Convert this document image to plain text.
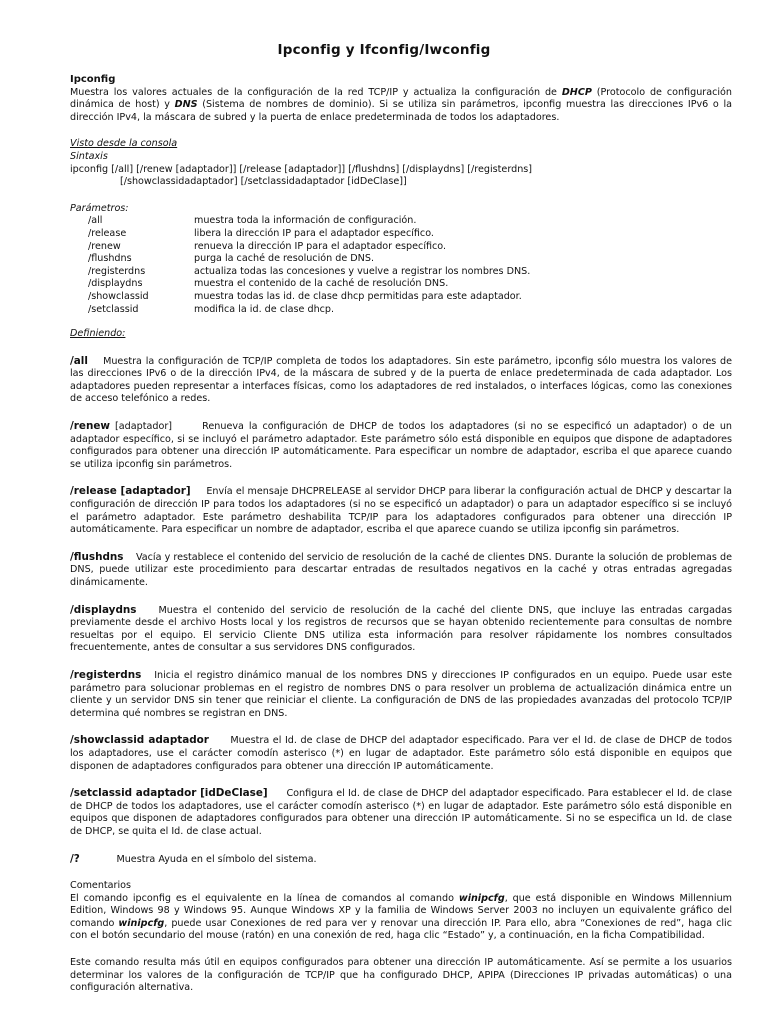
Ipconfig y Ifconfig/Iwconfig

Ipconfig

Muestra los valores actuales de la configuración de la red TCP/IP y actualiza la configuración de DHCP (Protocolo de configuración dinámica de host) y DNS (Sistema de nombres de dominio). Si se utiliza sin parámetros, ipconfig muestra las direcciones IPv6 o la dirección IPv4, la máscara de subred y la puerta de enlace predeterminada de todos los adaptadores.

Visto desde la consola

Sintaxis

ipconfig [/all] [/renew [adaptador]] [/release [adaptador]] [/flushdns] [/displaydns] [/registerdns]

[/showclassidadaptador] [/setclassidadaptador [idDeClase]]

Parámetros:

/all	muestra toda la información de configuración.
/release	libera la dirección IP para el adaptador específico.
/renew	renueva la dirección IP para el adaptador específico.
/flushdns	purga la caché de resolución de DNS.
/registerdns	actualiza todas las concesiones y vuelve a registrar los nombres DNS.
/displaydns	muestra el contenido de la caché de resolución DNS.
/showclassid	muestra todas las id. de clase dhcp permitidas para este adaptador.
/setclassid	modifica la id. de clase dhcp.

Definiendo:

/all Muestra la configuración de TCP/IP completa de todos los adaptadores. Sin este parámetro, ipconfig sólo muestra los valores de las direcciones IPv6 o de la dirección IPv4, de la máscara de subred y de la puerta de enlace predeterminada de cada adaptador. Los adaptadores pueden representar a interfaces físicas, como los adaptadores de red instalados, o interfaces lógicas, como las conexiones de acceso telefónico a redes.

/renew [adaptador]	Renueva la configuración de DHCP de todos los adaptadores (si no se especificó un adaptador) o de un adaptador específico, si se incluyó el parámetro adaptador. Este parámetro sólo está disponible en equipos que dispone de adaptadores configurados para obtener una dirección IP automáticamente. Para especificar un nombre de adaptador, escriba el que aparece cuando se utiliza ipconfig sin parámetros.

/release [adaptador] Envía el mensaje DHCPRELEASE al servidor DHCP para liberar la configuración actual de DHCP y descartar la configuración de dirección IP para todos los adaptadores (si no se especificó un adaptador) o para un adaptador específico si se incluyó el parámetro adaptador. Este parámetro deshabilita TCP/IP para los adaptadores configurados para obtener una dirección IP automáticamente. Para especificar un nombre de adaptador, escriba el que aparece cuando se utiliza ipconfig sin parámetros.

/flushdns Vacía y restablece el contenido del servicio de resolución de la caché de clientes DNS. Durante la solución de problemas de DNS, puede utilizar este procedimiento para descartar entradas de resultados negativos en la caché y otras entradas agregadas dinámicamente.

/displaydns Muestra el contenido del servicio de resolución de la caché del cliente DNS, que incluye las entradas cargadas previamente desde el archivo Hosts local y los registros de recursos que se hayan obtenido recientemente para consultas de nombre resueltas por el equipo. El servicio Cliente DNS utiliza esta información para resolver rápidamente los nombres consultados frecuentemente, antes de consultar a sus servidores DNS configurados.

/registerdns Inicia el registro dinámico manual de los nombres DNS y direcciones IP configurados en un equipo. Puede usar este parámetro para solucionar problemas en el registro de nombres DNS o para resolver un problema de actualización dinámica entre un cliente y un servidor DNS sin tener que reiniciar el cliente. La configuración de DNS de las propiedades avanzadas del protocolo TCP/IP determina qué nombres se registran en DNS.

/showclassid adaptador Muestra el Id. de clase de DHCP del adaptador especificado. Para ver el Id. de clase de DHCP de todos los adaptadores, use el carácter comodín asterisco (*) en lugar de adaptador. Este parámetro sólo está disponible en equipos que disponen de adaptadores configurados para obtener una dirección IP automáticamente.

/setclassid adaptador [idDeClase] Configura el Id. de clase de DHCP del adaptador especificado. Para establecer el Id. de clase de DHCP de todos los adaptadores, use el carácter comodín asterisco (*) en lugar de adaptador. Este parámetro sólo está disponible en equipos que disponen de adaptadores configurados para obtener una dirección IP automáticamente. Si no se especifica un Id. de clase de DHCP, se quita el Id. de clase actual.

/?	Muestra Ayuda en el símbolo del sistema.

Comentarios

El comando ipconfig es el equivalente en la línea de comandos al comando winipcfg, que está disponible en Windows Millennium Edition, Windows 98 y Windows 95. Aunque Windows XP y la familia de Windows Server 2003 no incluyen un equivalente gráfico del comando winipcfg, puede usar Conexiones de red para ver y renovar una dirección IP. Para ello, abra “Conexiones de red”, haga clic con el botón secundario del mouse (ratón) en una conexión de red, haga clic “Estado” y, a continuación, en la ficha Compatibilidad.

Este comando resulta más útil en equipos configurados para obtener una dirección IP automáticamente. Así se permite a los usuarios determinar los valores de la configuración de TCP/IP que ha configurado DHCP, APIPA (Direcciones IP privadas automáticas) o una configuración alternativa.
